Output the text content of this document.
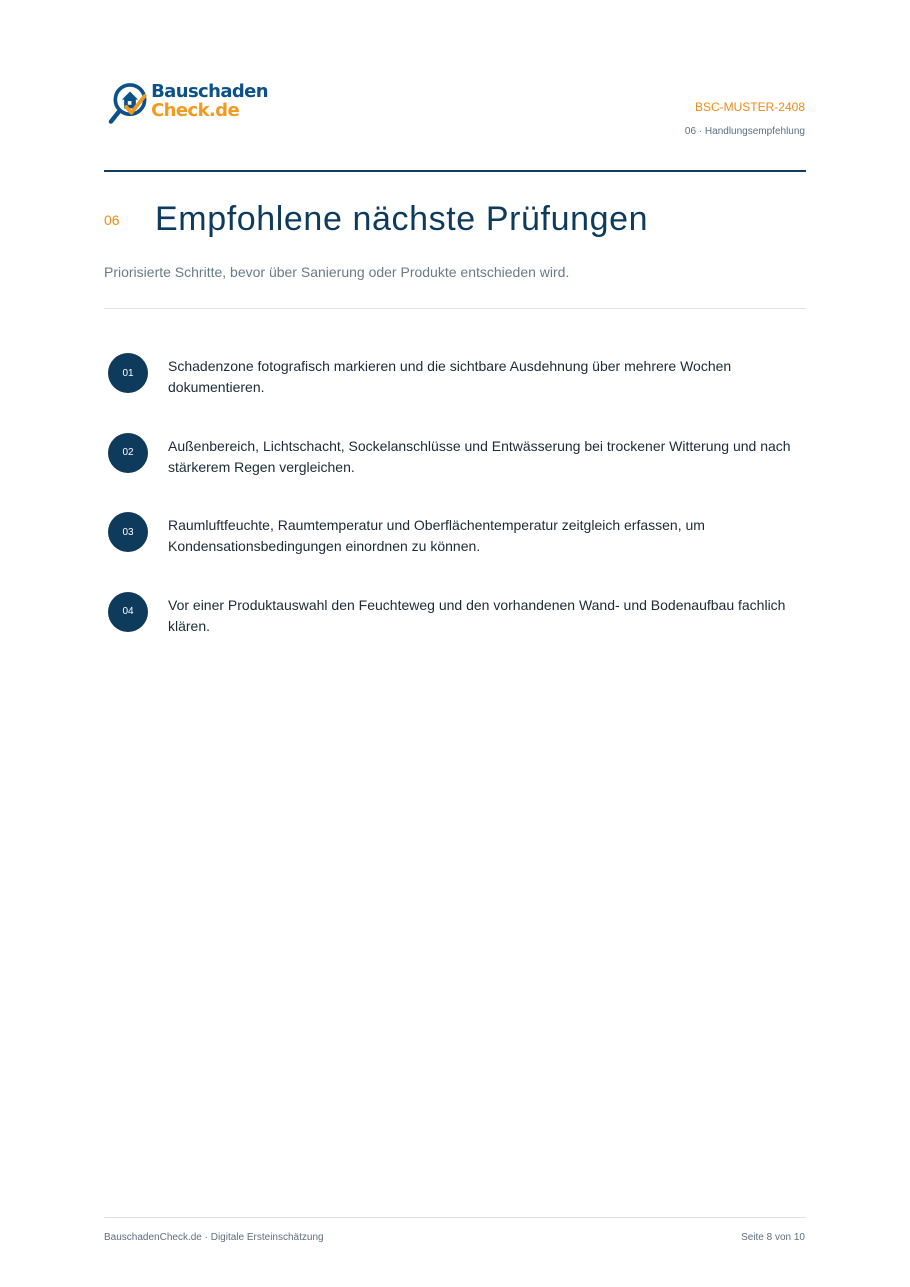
Bauschaden
Check.de	BSC-MUSTER-2408
06 · Handlungsempfehlung
06 Empfohlene nächste Prüfungen
Priorisierte Schritte, bevor über Sanierung oder Produkte entschieden wird.
01	Schadenzone fotografisch markieren und die sichtbare Ausdehnung über mehrere Wochen dokumentieren.
02	Außenbereich, Lichtschacht, Sockelanschlüsse und Entwässerung bei trockener Witterung und nach stärkerem Regen vergleichen.
03	Raumluftfeuchte, Raumtemperatur und Oberflächentemperatur zeitgleich erfassen, um Kondensationsbedingungen einordnen zu können.
04	Vor einer Produktauswahl den Feuchteweg und den vorhandenen Wand- und Bodenaufbau fachlich klären.
BauschadenCheck.de · Digitale Ersteinschätzung	Seite 8 von 10
